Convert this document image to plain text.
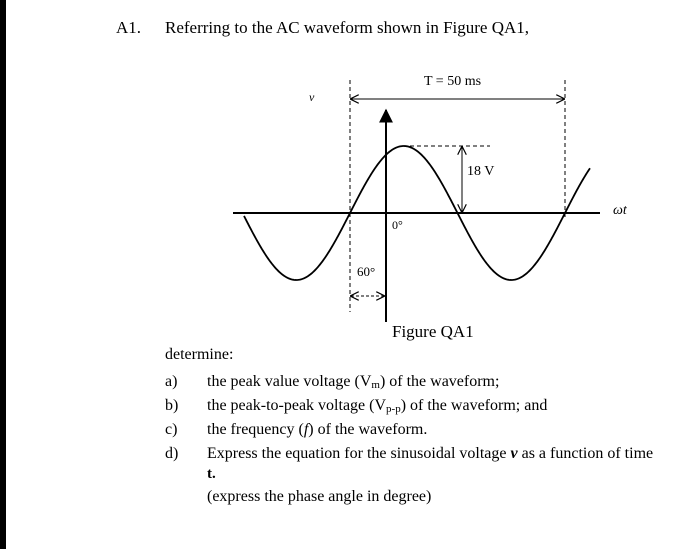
A1. Referring to the AC waveform shown in Figure QA1,
v
T = 50 ms
18 V
0°
60°
ωt
Figure QA1
determine:
a) the peak value voltage $(V_m)$ of the waveform;
b) the peak-to-peak voltage $(V_{p-p})$ of the waveform; and
c) the frequency (f) of the waveform.
d) Express the equation for the sinusoidal voltage v as a function of time
t.
(express the phase angle in degree)
